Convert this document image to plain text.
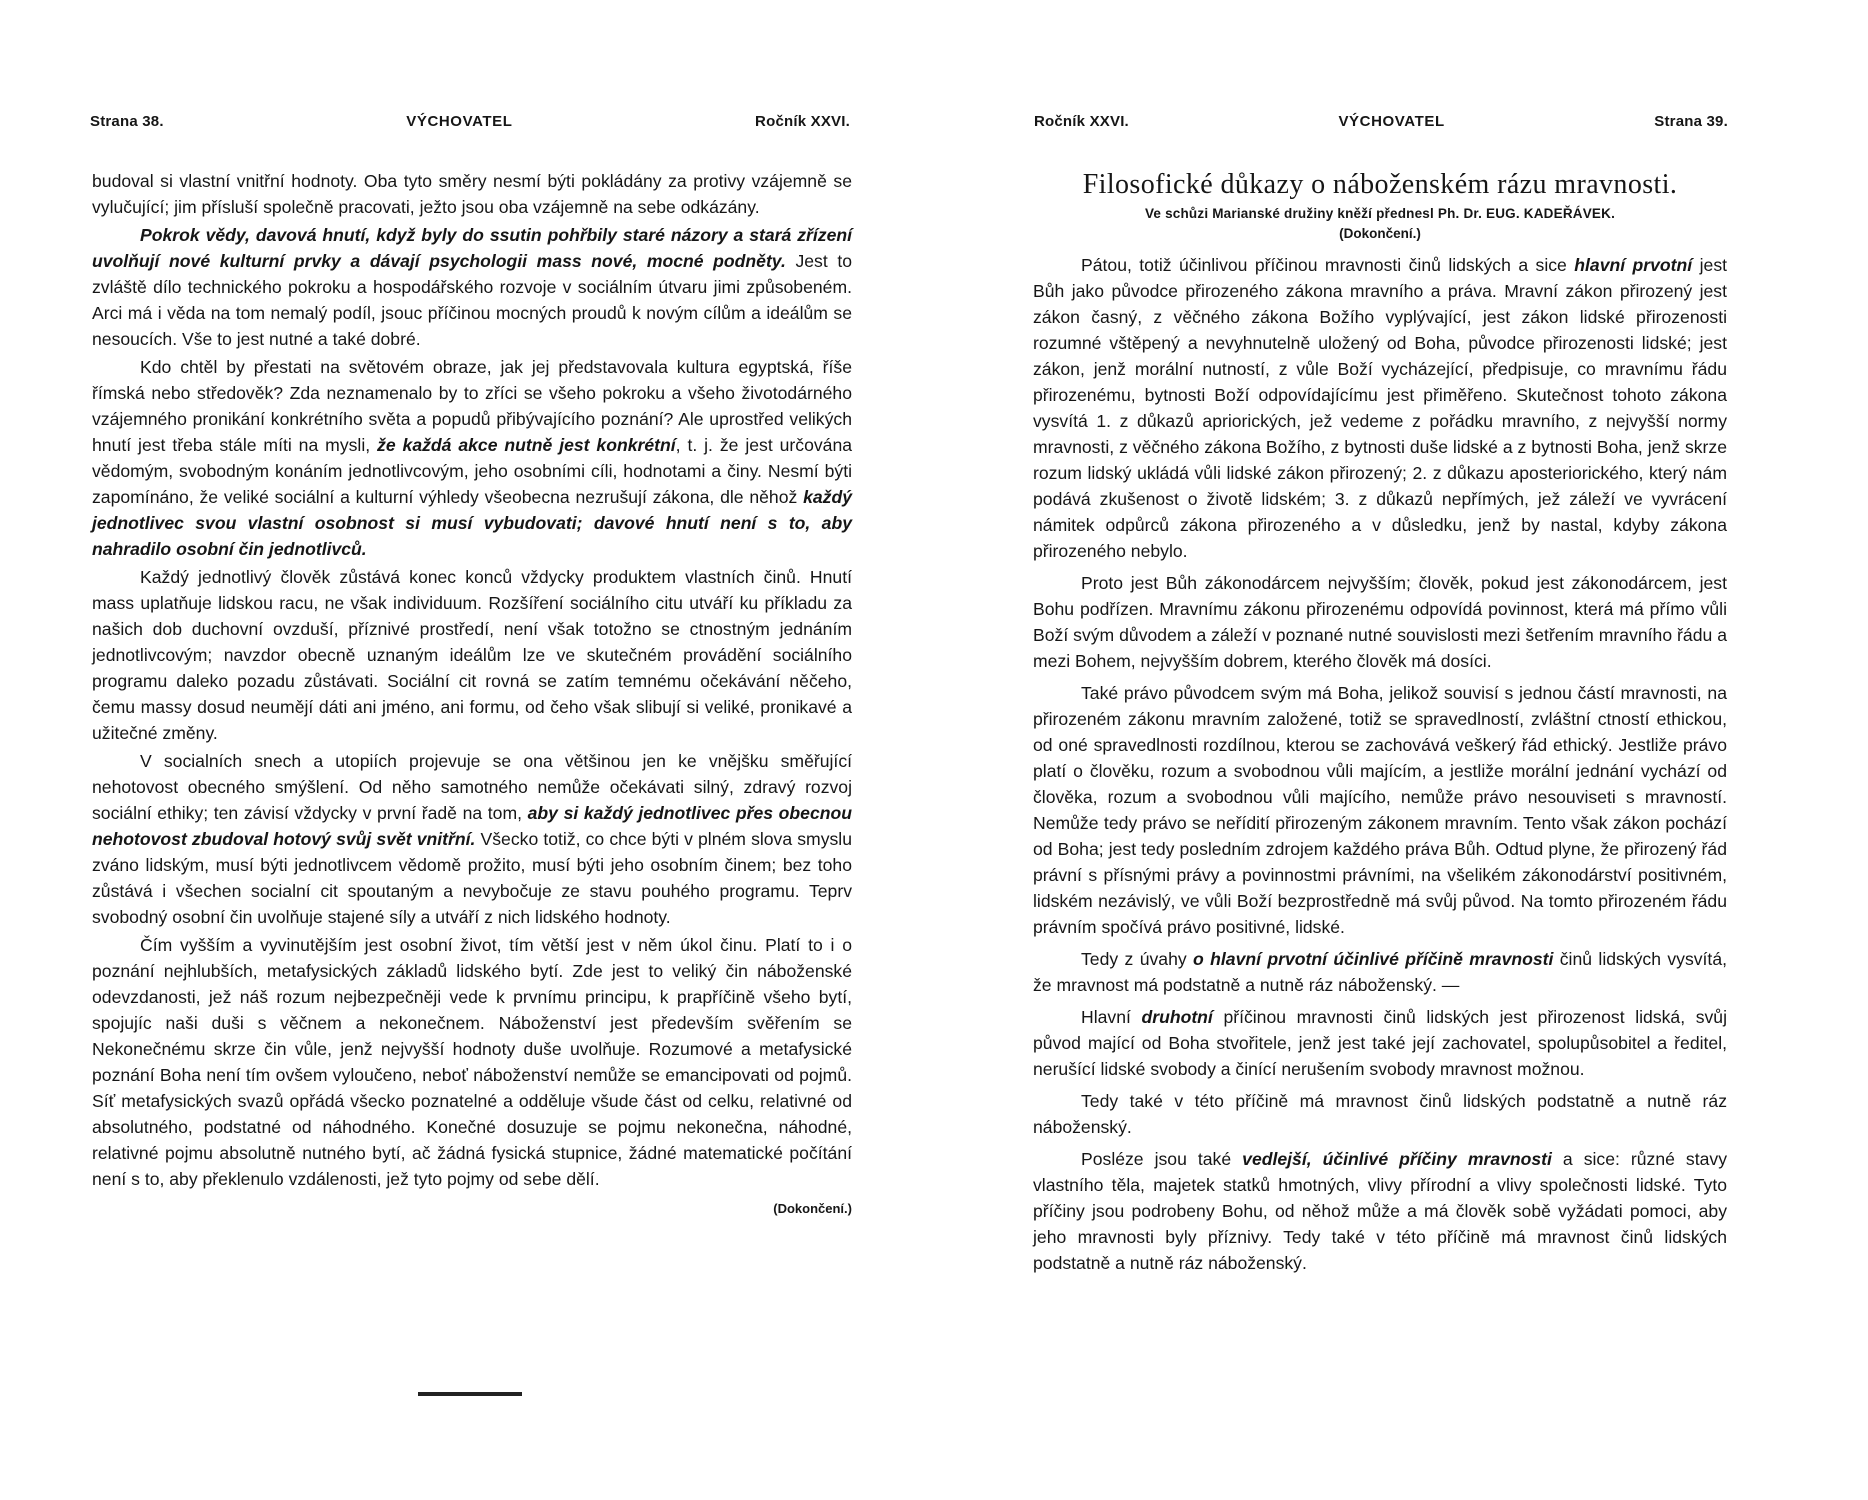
Strana 38.	VÝCHOVATEL	Ročník XXVI.

budoval si vlastní vnitřní hodnoty. Oba tyto směry nesmí býti pokládány za protivy vzájemně se vylučující; jim přísluší společně pracovati, ježto jsou oba vzájemně na sebe odkázány.

Pokrok vědy, davová hnutí, když byly do ssutin pohřbily staré názory a stará zřízení uvolňují nové kulturní prvky a dávají psychologii mass nové, mocné podněty. Jest to zvláště dílo technického pokroku a hospodářského rozvoje v sociálním útvaru jimi způsobeném. Arci má i věda na tom nemalý podíl, jsouc příčinou mocných proudů k novým cílům a ideálům se nesoucích. Vše to jest nutné a také dobré.

Kdo chtěl by přestati na světovém obraze, jak jej představovala kultura egyptská, říše římská nebo středověk? Zda neznamenalo by to zříci se všeho pokroku a všeho životodárného vzájemného pronikání konkrétního světa a popudů přibývajícího poznání? Ale uprostřed velikých hnutí jest třeba stále míti na mysli, že každá akce nutně jest konkrétní, t. j. že jest určována vědomým, svobodným konáním jednotlivcovým, jeho osobními cíli, hodnotami a činy. Nesmí býti zapomínáno, že veliké sociální a kulturní výhledy všeobecna nezrušují zákona, dle něhož každý jednotlivec svou vlastní osobnost si musí vybudovati; davové hnutí není s to, aby nahradilo osobní čin jednotlivců.

Každý jednotlivý člověk zůstává konec konců vždycky produktem vlastních činů. Hnutí mass uplatňuje lidskou racu, ne však individuum. Rozšíření sociálního citu utváří ku příkladu za našich dob duchovní ovzduší, příznivé prostředí, není však totožno se ctnostným jednáním jednotlivcovým; navzdor obecně uznaným ideálům lze ve skutečném provádění sociálního programu daleko pozadu zůstávati. Sociální cit rovná se zatím temnému očekávání něčeho, čemu massy dosud neumějí dáti ani jméno, ani formu, od čeho však slibují si veliké, pronikavé a užitečné změny.

V socialních snech a utopiích projevuje se ona většinou jen ke vnějšku směřující nehotovost obecného smýšlení. Od něho samotného nemůže očekávati silný, zdravý rozvoj sociální ethiky; ten závisí vždycky v první řadě na tom, aby si každý jednotlivec přes obecnou nehotovost zbudoval hotový svůj svět vnitřní. Všecko totiž, co chce býti v plném slova smyslu zváno lidským, musí býti jednotlivcem vědomě prožito, musí býti jeho osobním činem; bez toho zůstává i všechen socialní cit spoutaným a nevybočuje ze stavu pouhého programu. Teprv svobodný osobní čin uvolňuje stajené síly a utváří z nich lidského hodnoty.

Čím vyšším a vyvinutějším jest osobní život, tím větší jest v něm úkol činu. Platí to i o poznání nejhlubších, metafysických základů lidského bytí. Zde jest to veliký čin náboženské odevzdanosti, jež náš rozum nejbezpečněji vede k prvnímu principu, k prapříčině všeho bytí, spojujíc naši duši s věčnem a nekonečnem. Náboženství jest především svěřením se Nekonečnému skrze čin vůle, jenž nejvyšší hodnoty duše uvolňuje. Rozumové a metafysické poznání Boha není tím ovšem vyloučeno, neboť náboženství nemůže se emancipovati od pojmů. Síť metafysických svazů opřádá všecko poznatelné a odděluje všude část od celku, relativné od absolutného, podstatné od náhodného. Konečné dosuzuje se pojmu nekonečna, náhodné, relativné pojmu absolutně nutného bytí, ač žádná fysická stupnice, žádné matematické počítání není s to, aby překlenulo vzdálenosti, jež tyto pojmy od sebe dělí.

(Dokončení.)
Ročník XXVI.	VÝCHOVATEL	Strana 39.
Filosofické důkazy o náboženském rázu mravnosti.
Ve schůzi Marianské družiny kněží přednesl Ph. Dr. EUG. KADEŘÁVEK.
(Dokončení.)

Pátou, totiž účinlivou příčinou mravnosti činů lidských a sice hlavní prvotní jest Bůh jako původce přirozeného zákona mravního a práva. Mravní zákon přirozený jest zákon časný, z věčného zákona Božího vyplývající, jest zákon lidské přirozenosti rozumné vštěpený a nevyhnutelně uložený od Boha, původce přirozenosti lidské; jest zákon, jenž morální nutností, z vůle Boží vycházející, předpisuje, co mravnímu řádu přirozenému, bytnosti Boží odpovídajícímu jest přiměřeno. Skutečnost tohoto zákona vysvítá 1. z důkazů apriorických, jež vedeme z pořádku mravního, z nejvyšší normy mravnosti, z věčného zákona Božího, z bytnosti duše lidské a z bytnosti Boha, jenž skrze rozum lidský ukládá vůli lidské zákon přirozený; 2. z důkazu aposteriorického, který nám podává zkušenost o životě lidském; 3. z důkazů nepřímých, jež záleží ve vyvrácení námitek odpůrců zákona přirozeného a v důsledku, jenž by nastal, kdyby zákona přirozeného nebylo.

Proto jest Bůh zákonodárcem nejvyšším; člověk, pokud jest zákonodárcem, jest Bohu podřízen. Mravnímu zákonu přirozenému odpovídá povinnost, která má přímo vůli Boží svým důvodem a záleží v poznané nutné souvislosti mezi šetřením mravního řádu a mezi Bohem, nejvyšším dobrem, kterého člověk má dosíci.

Také právo původcem svým má Boha, jelikož souvisí s jednou částí mravnosti, na přirozeném zákonu mravním založené, totiž se spravedlností, zvláštní ctností ethickou, od oné spravedlnosti rozdílnou, kterou se zachovává veškerý řád ethický. Jestliže právo platí o člověku, rozum a svobodnou vůli majícím, a jestliže morální jednání vychází od člověka, rozum a svobodnou vůli majícího, nemůže právo nesouviseti s mravností. Nemůže tedy právo se neřídití přirozeným zákonem mravním. Tento však zákon pochází od Boha; jest tedy posledním zdrojem každého práva Bůh. Odtud plyne, že přirozený řád právní s přísnými právy a povinnostmi právními, na všelikém zákonodárství positivném, lidském nezávislý, ve vůli Boží bezprostředně má svůj původ. Na tomto přirozeném řádu právním spočívá právo positivné, lidské.

Tedy z úvahy o hlavní prvotní účinlivé příčině mravnosti činů lidských vysvítá, že mravnost má podstatně a nutně ráz náboženský. —

Hlavní druhotní příčinou mravnosti činů lidských jest přirozenost lidská, svůj původ mající od Boha stvořitele, jenž jest také její zachovatel, spolupůsobitel a ředitel, nerušící lidské svobody a činící nerušením svobody mravnost možnou.

Tedy také v této příčině má mravnost činů lidských podstatně a nutně ráz náboženský.

Posléze jsou také vedlejší, účinlivé příčiny mravnosti a sice: různé stavy vlastního těla, majetek statků hmotných, vlivy přírodní a vlivy společnosti lidské. Tyto příčiny jsou podrobeny Bohu, od něhož může a má člověk sobě vyžádati pomoci, aby jeho mravnosti byly příznivy. Tedy také v této příčině má mravnost činů lidských podstatně a nutně ráz náboženský.
